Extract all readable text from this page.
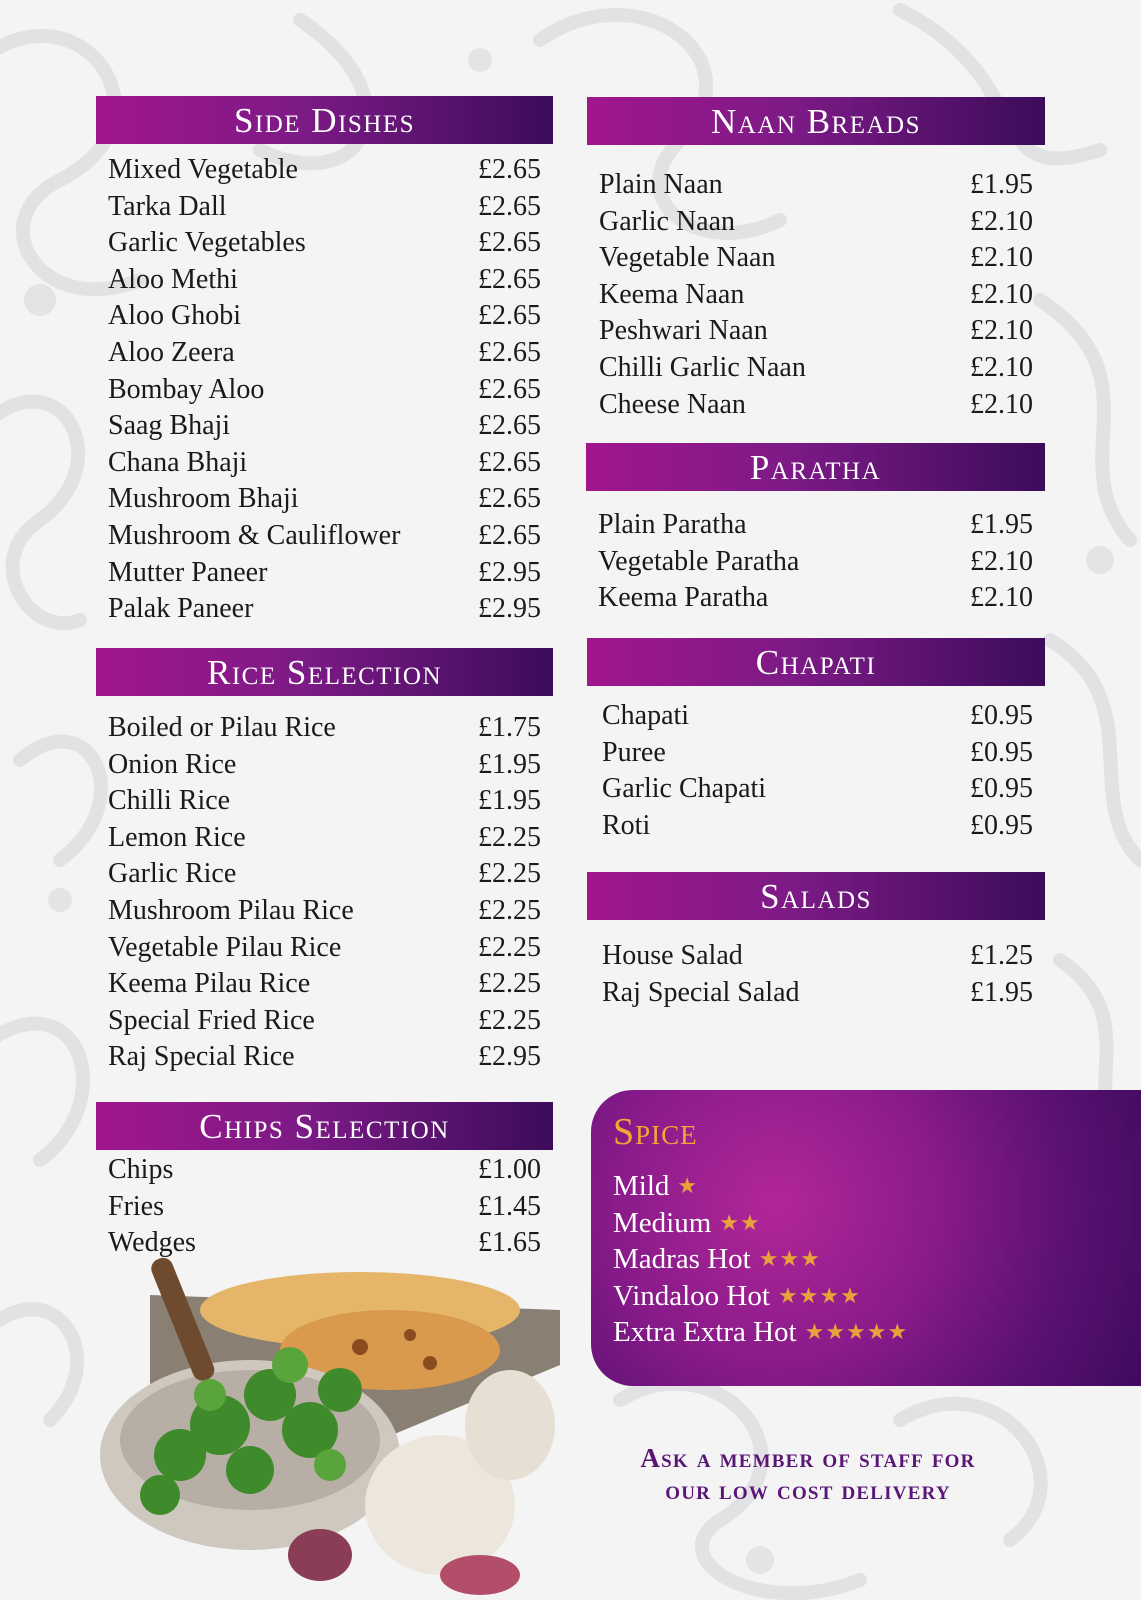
Side Dishes
Mixed Vegetable	£2.65
Tarka Dall	£2.65
Garlic Vegetables	£2.65
Aloo Methi	£2.65
Aloo Ghobi	£2.65
Aloo Zeera	£2.65
Bombay Aloo	£2.65
Saag Bhaji	£2.65
Chana Bhaji	£2.65
Mushroom Bhaji	£2.65
Mushroom & Cauliflower	£2.65
Mutter Paneer	£2.95
Palak Paneer	£2.95
Rice Selection
Boiled or Pilau Rice	£1.75
Onion Rice	£1.95
Chilli Rice	£1.95
Lemon Rice	£2.25
Garlic Rice	£2.25
Mushroom Pilau Rice	£2.25
Vegetable Pilau Rice	£2.25
Keema Pilau Rice	£2.25
Special Fried Rice	£2.25
Raj Special Rice	£2.95
Chips Selection
Chips	£1.00
Fries	£1.45
Wedges	£1.65
Naan Breads
Plain Naan	£1.95
Garlic Naan	£2.10
Vegetable Naan	£2.10
Keema Naan	£2.10
Peshwari Naan	£2.10
Chilli Garlic Naan	£2.10
Cheese Naan	£2.10
Paratha
Plain Paratha	£1.95
Vegetable Paratha	£2.10
Keema Paratha	£2.10
Chapati
Chapati	£0.95
Puree	£0.95
Garlic Chapati	£0.95
Roti	£0.95
Salads
House Salad	£1.25
Raj Special Salad	£1.95
Spice
Mild ★
Medium ★★
Madras Hot ★★★
Vindaloo Hot ★★★★
Extra Extra Hot ★★★★★
Ask a member of staff for
our low cost delivery
